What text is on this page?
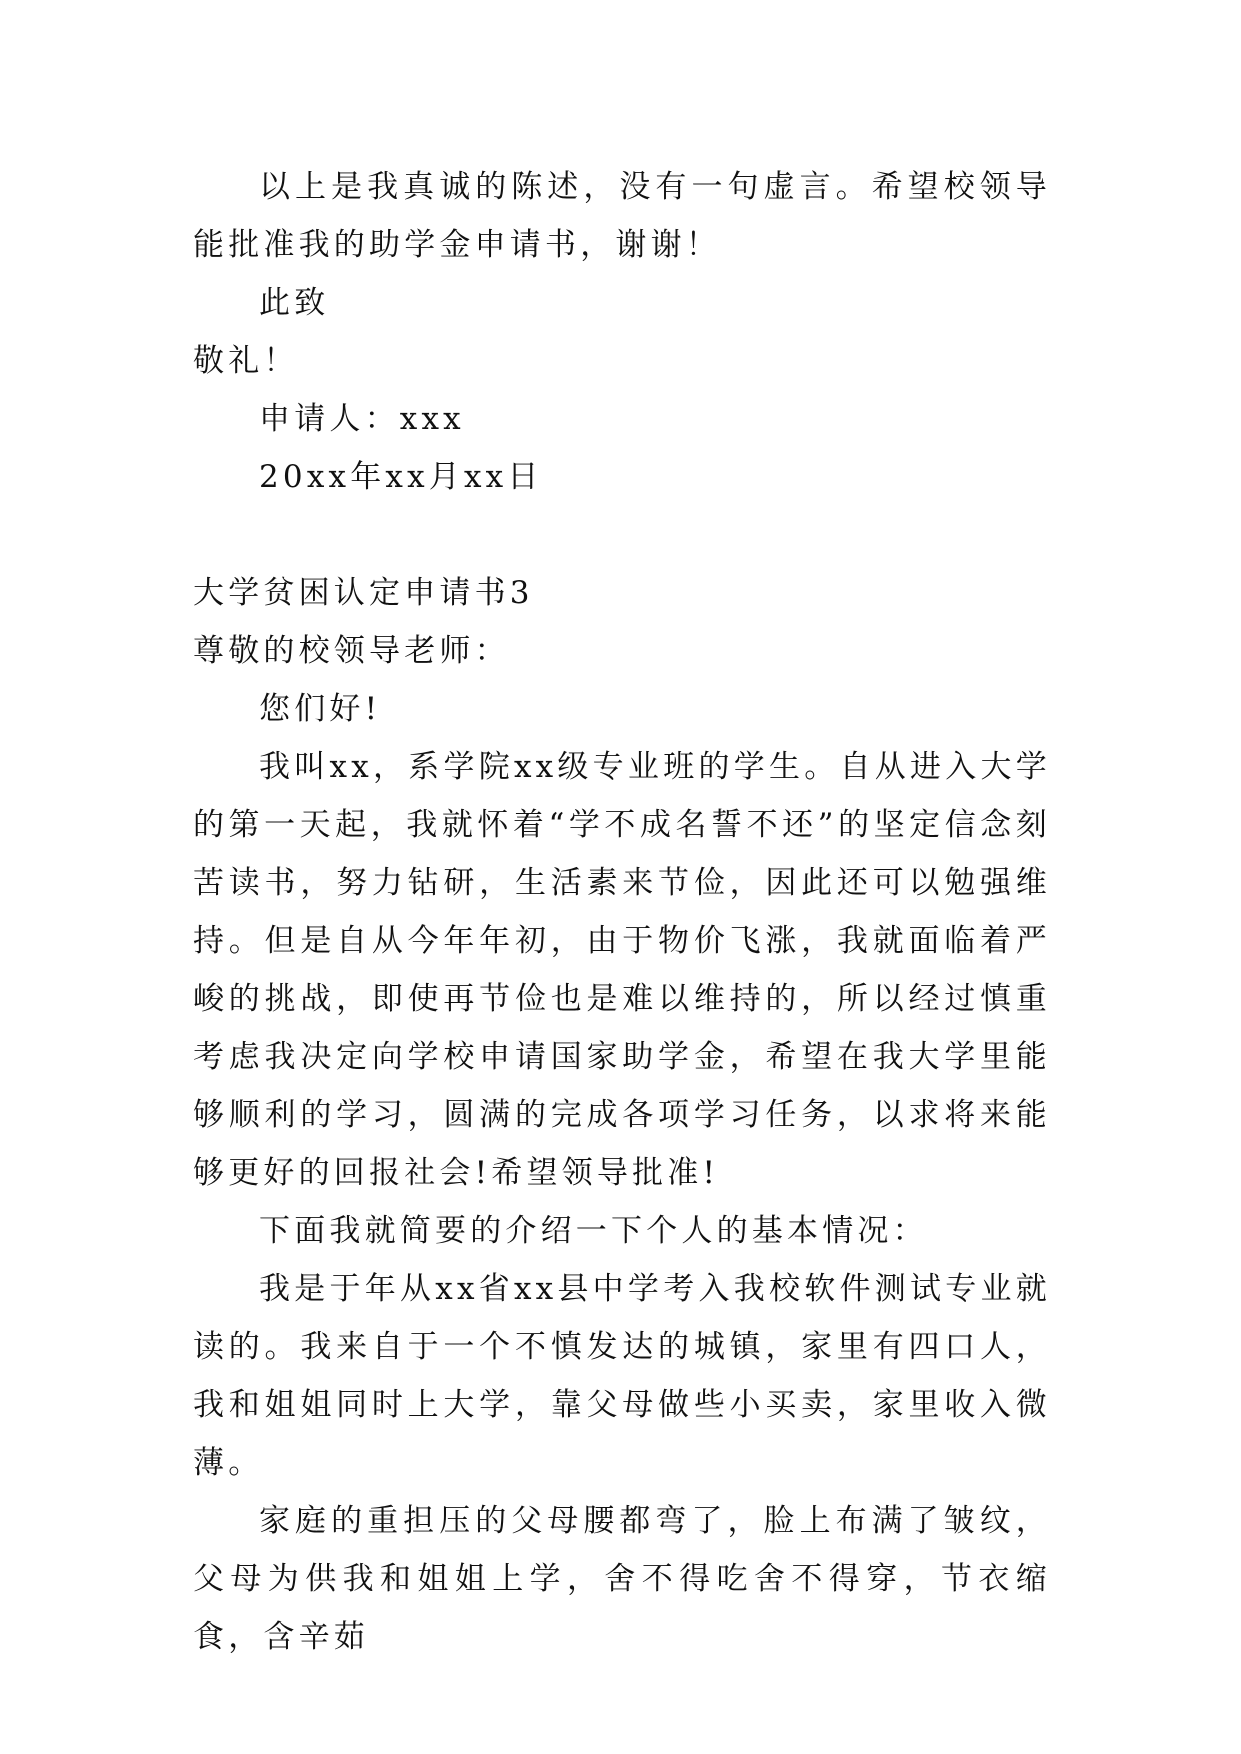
以上是我真诚的陈述，没有一句虚言。希望校领导能批准我的助学金申请书，谢谢！

此致
敬礼！
申请人：xxx
20xx年xx月xx日
大学贫困认定申请书3
尊敬的校领导老师：
您们好!

我叫xx，系学院xx级专业班的学生。自从进入大学的第一天起，我就怀着“学不成名誓不还”的坚定信念刻苦读书，努力钻研，生活素来节俭，因此还可以勉强维持。但是自从今年年初，由于物价飞涨，我就面临着严峻的挑战，即使再节俭也是难以维持的，所以经过慎重考虑我决定向学校申请国家助学金，希望在我大学里能够顺利的学习，圆满的完成各项学习任务，以求将来能够更好的回报社会!希望领导批准!

下面我就简要的介绍一下个人的基本情况：

我是于年从xx省xx县中学考入我校软件测试专业就读的。我来自于一个不慎发达的城镇，家里有四口人，我和姐姐同时上大学，靠父母做些小买卖，家里收入微薄。

家庭的重担压的父母腰都弯了，脸上布满了皱纹，父母为供我和姐姐上学，舍不得吃舍不得穿，节衣缩食，含辛茹
